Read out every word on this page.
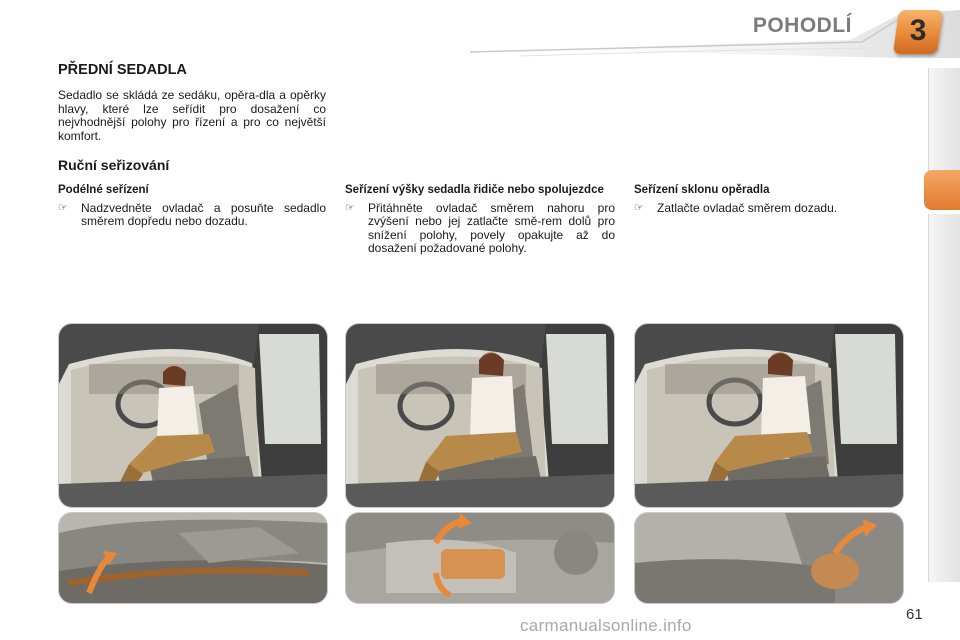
POHODLÍ	3
PŘEDNÍ SEDADLA
Sedadlo se skládá ze sedáku, opěra-dla a opěrky hlavy, které lze seřídit pro dosažení co nejvhodnější polohy pro řízení a pro co největší komfort.
Ruční seřizování
Podélné seřízení
☞ Nadzvedněte ovladač a posuňte sedadlo směrem dopředu nebo dozadu.
Seřízení výšky sedadla řidiče nebo spolujezdce
☞ Přitáhněte ovladač směrem nahoru pro zvýšení nebo jej zatlačte smě-rem dolů pro snížení polohy, povely opakujte až do dosažení požadované polohy.
Seřízení sklonu opěradla
☞ Zatlačte ovladač směrem dozadu.
61
carmanualsonline.info
